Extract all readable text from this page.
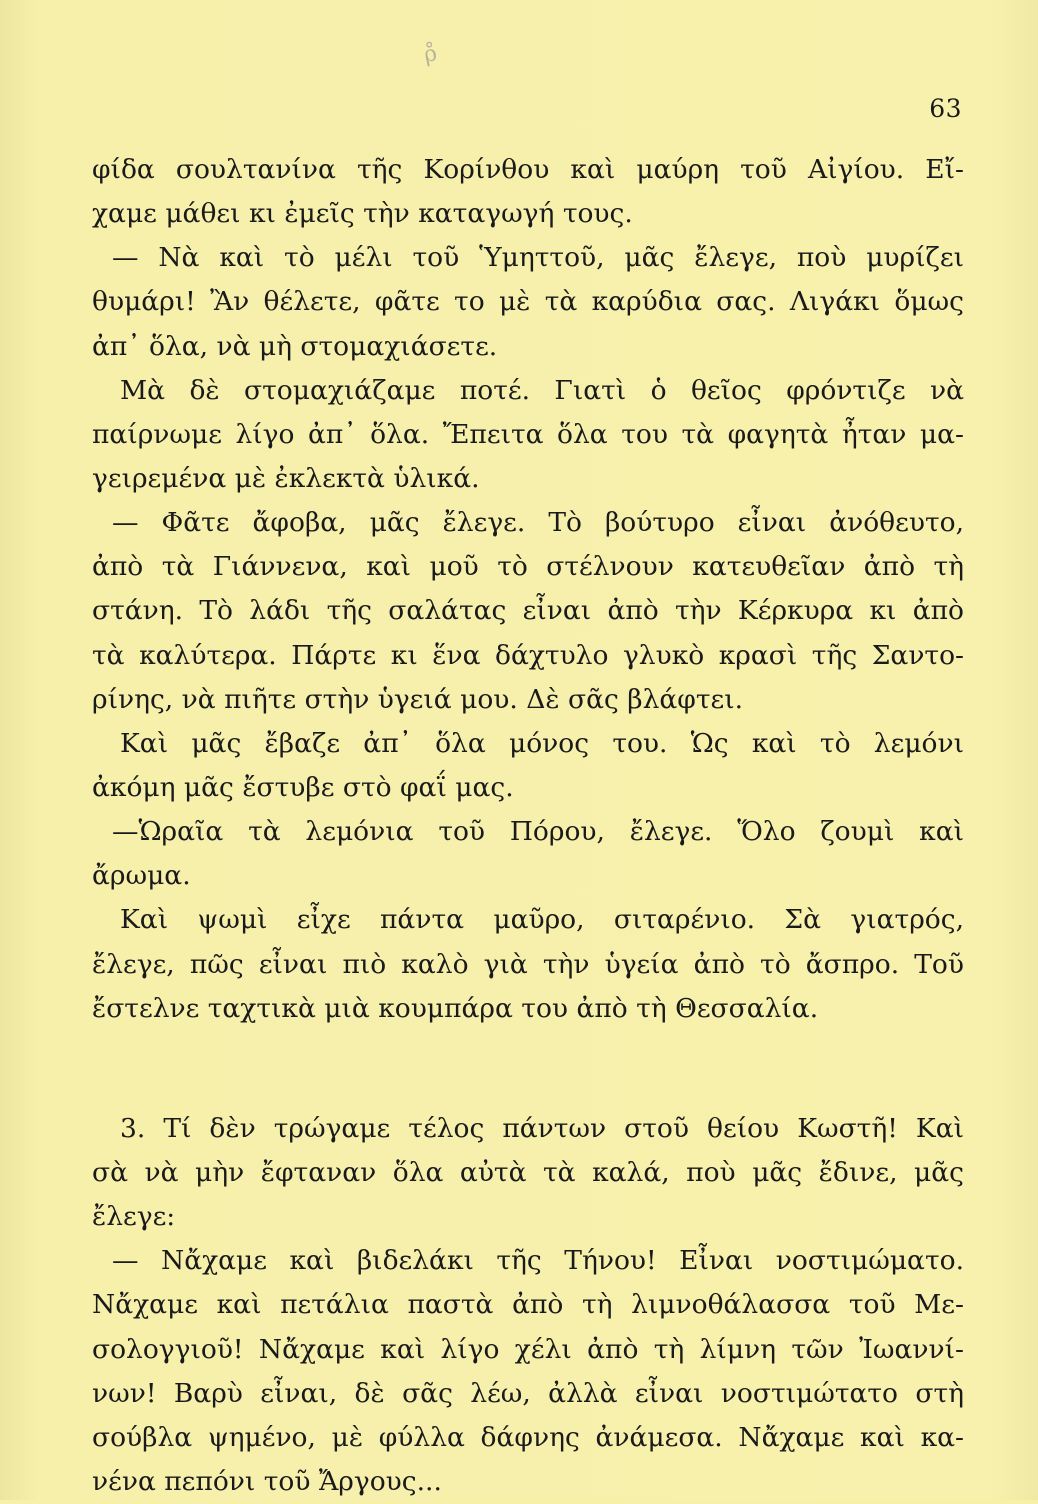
ρ̊
63
φίδα σουλτανίνα τῆς Κορίνθου καὶ μαύρη τοῦ Αἰγίου. Εἴ-
χαμε μάθει κι ἐμεῖς τὴν καταγωγή τους.
— Νὰ καὶ τὸ μέλι τοῦ Ὑμηττοῦ, μᾶς ἔλεγε, ποὺ μυρίζει
θυμάρι! Ἂν θέλετε, φᾶτε το μὲ τὰ καρύδια σας. Λιγάκι ὅμως
ἀπ᾽ ὅλα, νὰ μὴ στομαχιάσετε.
Μὰ δὲ στομαχιάζαμε ποτέ. Γιατὶ ὁ θεῖος φρόντιζε νὰ
παίρνωμε λίγο ἀπ᾽ ὅλα. Ἔπειτα ὅλα του τὰ φαγητὰ ἦταν μα-
γειρεμένα μὲ ἐκλεκτὰ ὑλικά.
— Φᾶτε ἄφοβα, μᾶς ἔλεγε. Τὸ βούτυρο εἶναι ἀνόθευτο,
ἀπὸ τὰ Γιάννενα, καὶ μοῦ τὸ στέλνουν κατευθεῖαν ἀπὸ τὴ
στάνη. Τὸ λάδι τῆς σαλάτας εἶναι ἀπὸ τὴν Κέρκυρα κι ἀπὸ
τὰ καλύτερα. Πάρτε κι ἕνα δάχτυλο γλυκὸ κρασὶ τῆς Σαντο-
ρίνης, νὰ πιῆτε στὴν ὑγειά μου. Δὲ σᾶς βλάφτει.
Καὶ μᾶς ἔβαζε ἀπ᾽ ὅλα μόνος του. Ὡς καὶ τὸ λεμόνι
ἀκόμη μᾶς ἔστυβε στὸ φαΐ μας.
—Ὡραῖα τὰ λεμόνια τοῦ Πόρου, ἔλεγε. Ὅλο ζουμὶ καὶ
ἄρωμα.
Καὶ ψωμὶ εἶχε πάντα μαῦρο, σιταρένιο. Σὰ γιατρός,
ἔλεγε, πῶς εἶναι πιὸ καλὸ γιὰ τὴν ὑγεία ἀπὸ τὸ ἄσπρο. Τοῦ
ἔστελνε ταχτικὰ μιὰ κουμπάρα του ἀπὸ τὴ Θεσσαλία.
3. Τί δὲν τρώγαμε τέλος πάντων στοῦ θείου Κωστῆ! Καὶ
σὰ νὰ μὴν ἔφταναν ὅλα αὐτὰ τὰ καλά, ποὺ μᾶς ἔδινε, μᾶς
ἔλεγε:
— Νἄχαμε καὶ βιδελάκι τῆς Τήνου! Εἶναι νοστιμώματο.
Νἄχαμε καὶ πετάλια παστὰ ἀπὸ τὴ λιμνοθάλασσα τοῦ Με-
σολογγιοῦ! Νἄχαμε καὶ λίγο χέλι ἀπὸ τὴ λίμνη τῶν Ἰωαννί-
νων! Βαρὺ εἶναι, δὲ σᾶς λέω, ἀλλὰ εἶναι νοστιμώτατο στὴ
σούβλα ψημένο, μὲ φύλλα δάφνης ἀνάμεσα. Νἄχαμε καὶ κα-
νένα πεπόνι τοῦ Ἄργους...
